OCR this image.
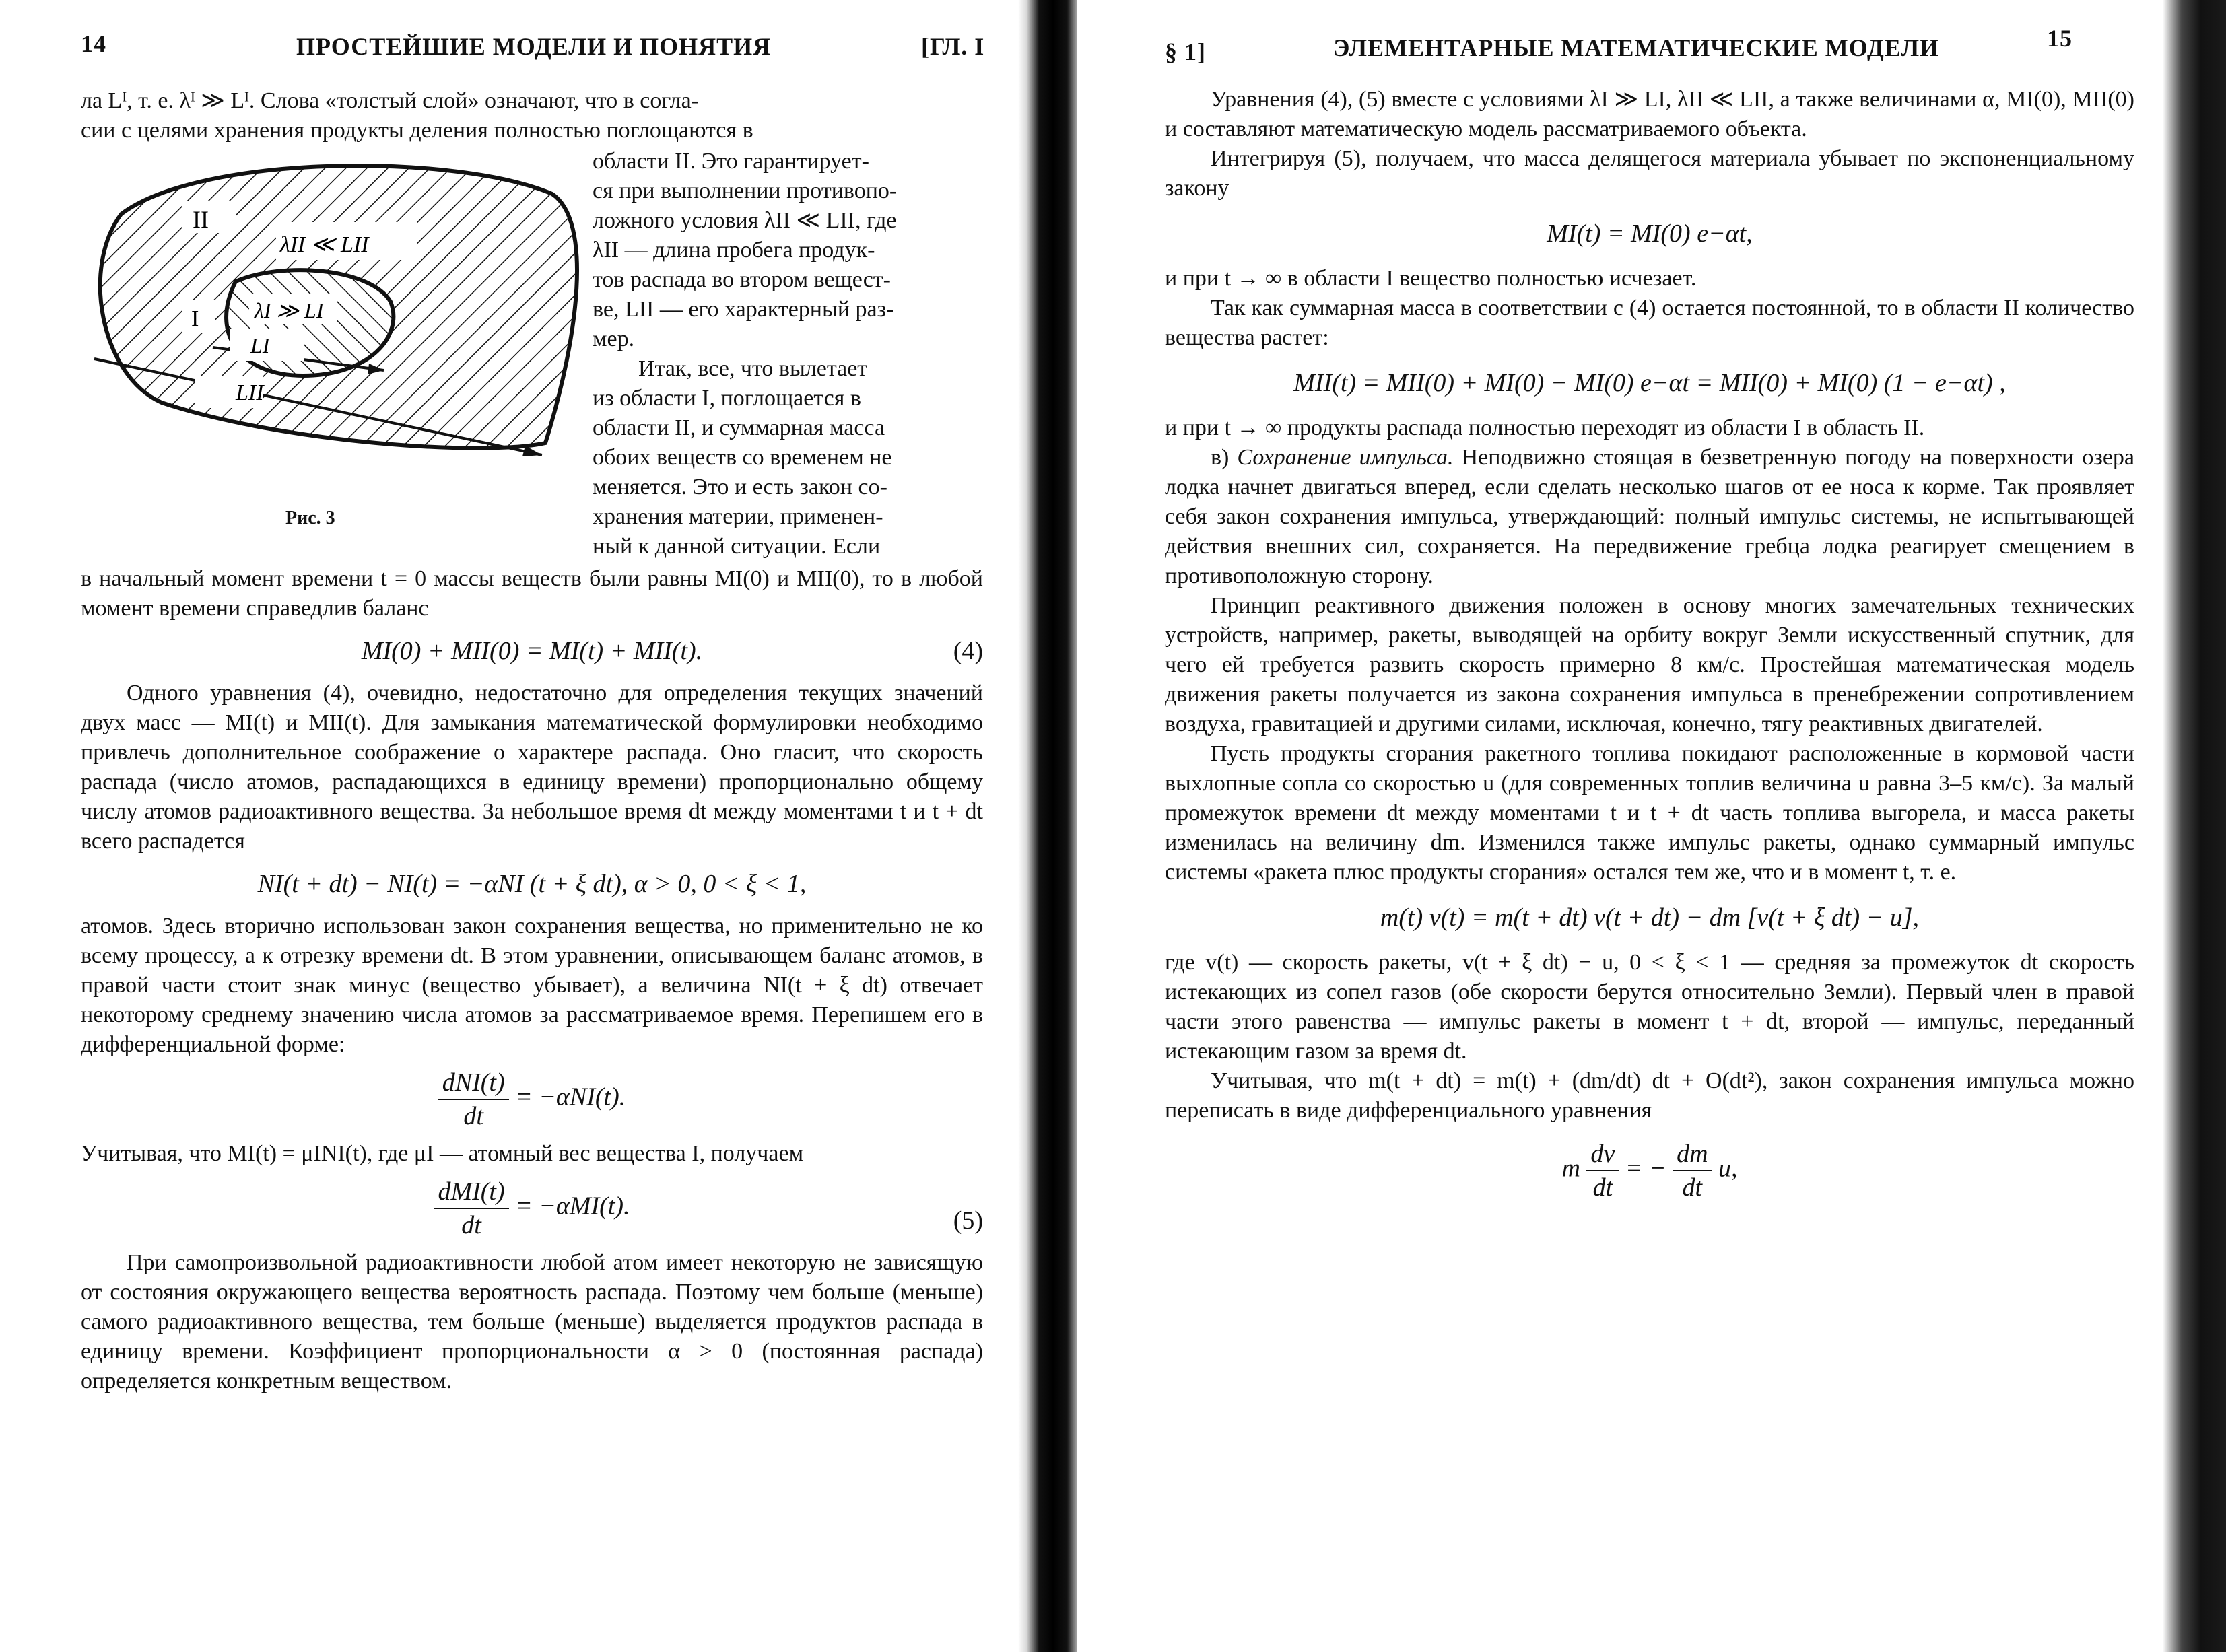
14	ПРОСТЕЙШИЕ МОДЕЛИ И ПОНЯТИЯ	[ГЛ. I

ла Lᴵ, т. е. λᴵ ≫ Lᴵ. Слова «толстый слой» означают, что в согла-

сии с целями хранения продукты деления полностью поглощаются в

II
λII ≪ LII
λI ≫ LI
I
LI
LII
Рис. 3

области II. Это гарантирует-

ся при выполнении противопо-

ложного условия λII ≪ LII, где

λII — длина пробега продук-

тов распада во втором вещест-

ве, LII — его характерный раз-

мер.

Итак, все, что вылетает

из области I, поглощается в

области II, и суммарная масса

обоих веществ со временем не

меняется. Это и есть закон со-

хранения материи, применен-

ный к данной ситуации. Если

в начальный момент времени t = 0 массы веществ были равны MI(0) и MII(0), то в любой момент времени справедлив баланс

MI(0) + MII(0) = MI(t) + MII(t).	(4)

Одного уравнения (4), очевидно, недостаточно для определения текущих значений двух масс — MI(t) и MII(t). Для замыкания математической формулировки необходимо привлечь дополнительное соображение о характере распада. Оно гласит, что скорость распада (число атомов, распадающихся в единицу времени) пропорционально общему числу атомов радиоактивного вещества. За небольшое время dt между моментами t и t + dt всего распадется

NI(t + dt) − NI(t) = −αNI (t + ξ dt), α > 0, 0 < ξ < 1,

атомов. Здесь вторично использован закон сохранения вещества, но применительно не ко всему процессу, а к отрезку времени dt. В этом уравнении, описывающем баланс атомов, в правой части стоит знак минус (вещество убывает), а величина NI(t + ξ dt) отвечает некоторому среднему значению числа атомов за рассматриваемое время. Перепишем его в дифференциальной форме:

$\frac{\text{dNI(t)}}{dt} = -\alpha NI(t)$.

Учитывая, что MI(t) = μINI(t), где μI — атомный вес вещества I, получаем

$\frac{\text{dMI(t)}}{dt} = -\alpha MI(t)$.
(5)

При самопроизвольной радиоактивности любой атом имеет некоторую не зависящую от состояния окружающего вещества вероятность распада. Поэтому чем больше (меньше) самого радиоактивного вещества, тем больше (меньше) выделяется продуктов распада в единицу времени. Коэффициент пропорциональности α > 0 (постоянная распада) определяется конкретным веществом.

§ 1]	ЭЛЕМЕНТАРНЫЕ МАТЕМАТИЧЕСКИЕ МОДЕЛИ	15

Уравнения (4), (5) вместе с условиями λI ≫ LI, λII ≪ LII, а также величинами α, MI(0), MII(0) и составляют математическую модель рассматриваемого объекта.

Интегрируя (5), получаем, что масса делящегося материала убывает по экспоненциальному закону

MI(t) = MI(0) e−αt,

и при t → ∞ в области I вещество полностью исчезает.

Так как суммарная масса в соответствии с (4) остается постоянной, то в области II количество вещества растет:

MII(t) = MII(0) + MI(0) − MI(0) e−αt = MII(0) + MI(0) (1 − e−αt) ,

и при t → ∞ продукты распада полностью переходят из области I в область II.

в) Сохранение импульса. Неподвижно стоящая в безветренную погоду на поверхности озера лодка начнет двигаться вперед, если сделать несколько шагов от ее носа к корме. Так проявляет себя закон сохранения импульса, утверждающий: полный импульс системы, не испытывающей действия внешних сил, сохраняется. На передвижение гребца лодка реагирует смещением в противоположную сторону.

Принцип реактивного движения положен в основу многих замечательных технических устройств, например, ракеты, выводящей на орбиту вокруг Земли искусственный спутник, для чего ей требуется развить скорость примерно 8 км/с. Простейшая математическая модель движения ракеты получается из закона сохранения импульса в пренебрежении сопротивлением воздуха, гравитацией и другими силами, исключая, конечно, тягу реактивных двигателей.

Пусть продукты сгорания ракетного топлива покидают расположенные в кормовой части выхлопные сопла со скоростью u (для современных топлив величина u равна 3–5 км/с). За малый промежуток времени dt между моментами t и t + dt часть топлива выгорела, и масса ракеты изменилась на величину dm. Изменился также импульс ракеты, однако суммарный импульс системы «ракета плюс продукты сгорания» остался тем же, что и в момент t, т. е.

m(t) v(t) = m(t + dt) v(t + dt) − dm [v(t + ξ dt) − u],

где v(t) — скорость ракеты, v(t + ξ dt) − u, 0 < ξ < 1 — средняя за промежуток dt скорость истекающих из сопел газов (обе скорости берутся относительно Земли). Первый член в правой части этого равенства — импульс ракеты в момент t + dt, второй — импульс, переданный истекающим газом за время dt.

Учитывая, что m(t + dt) = m(t) + (dm/dt) dt + O(dt²), закон сохранения импульса можно переписать в виде дифференциального уравнения

m $\frac{dv}{dt}$ = − $\frac{dm}{dt} u$,
